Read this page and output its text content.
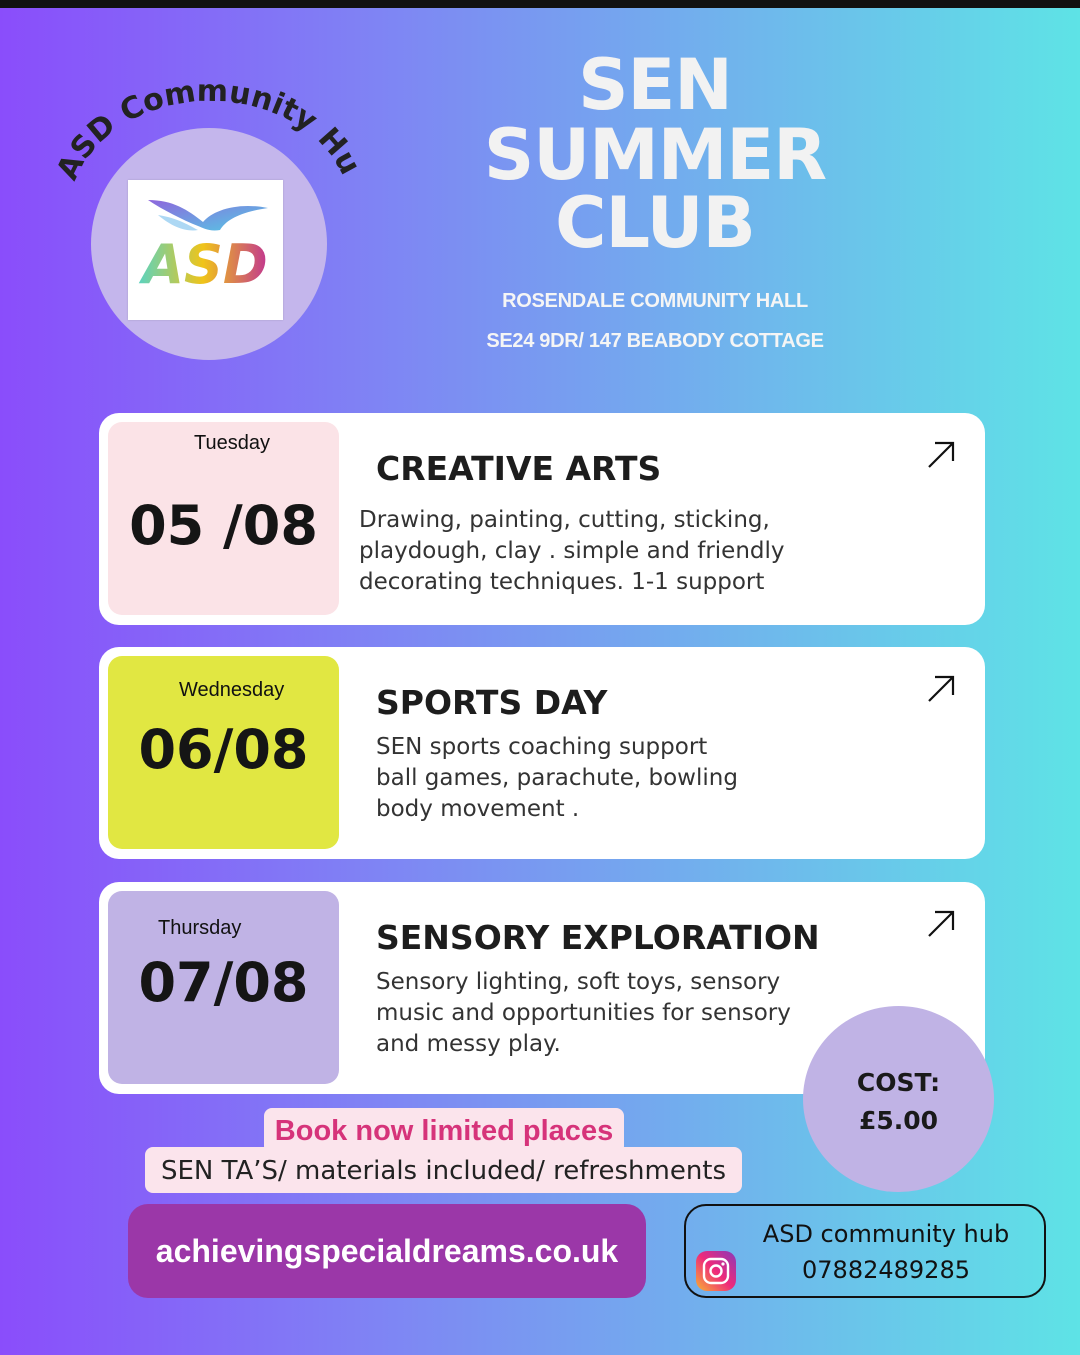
ASD Community Hub
ASD
SEN
SUMMER
CLUB
ROSENDALE COMMUNITY HALL
SE24 9DR/ 147 BEABODY COTTAGE
Tuesday
05 /08
CREATIVE ARTS
Drawing, painting, cutting, sticking,
playdough, clay . simple and friendly
decorating techniques. 1-1 support
Wednesday
06/08
SPORTS DAY
SEN sports coaching support
ball games, parachute, bowling
body movement .
Thursday
07/08
SENSORY EXPLORATION
Sensory lighting, soft toys, sensory
music and opportunities for sensory
and messy play.
COST:
£5.00
SEN TA’S/ materials included/ refreshments
Book now limited places
achievingspecialdreams.co.uk	ASD community hub
07882489285
